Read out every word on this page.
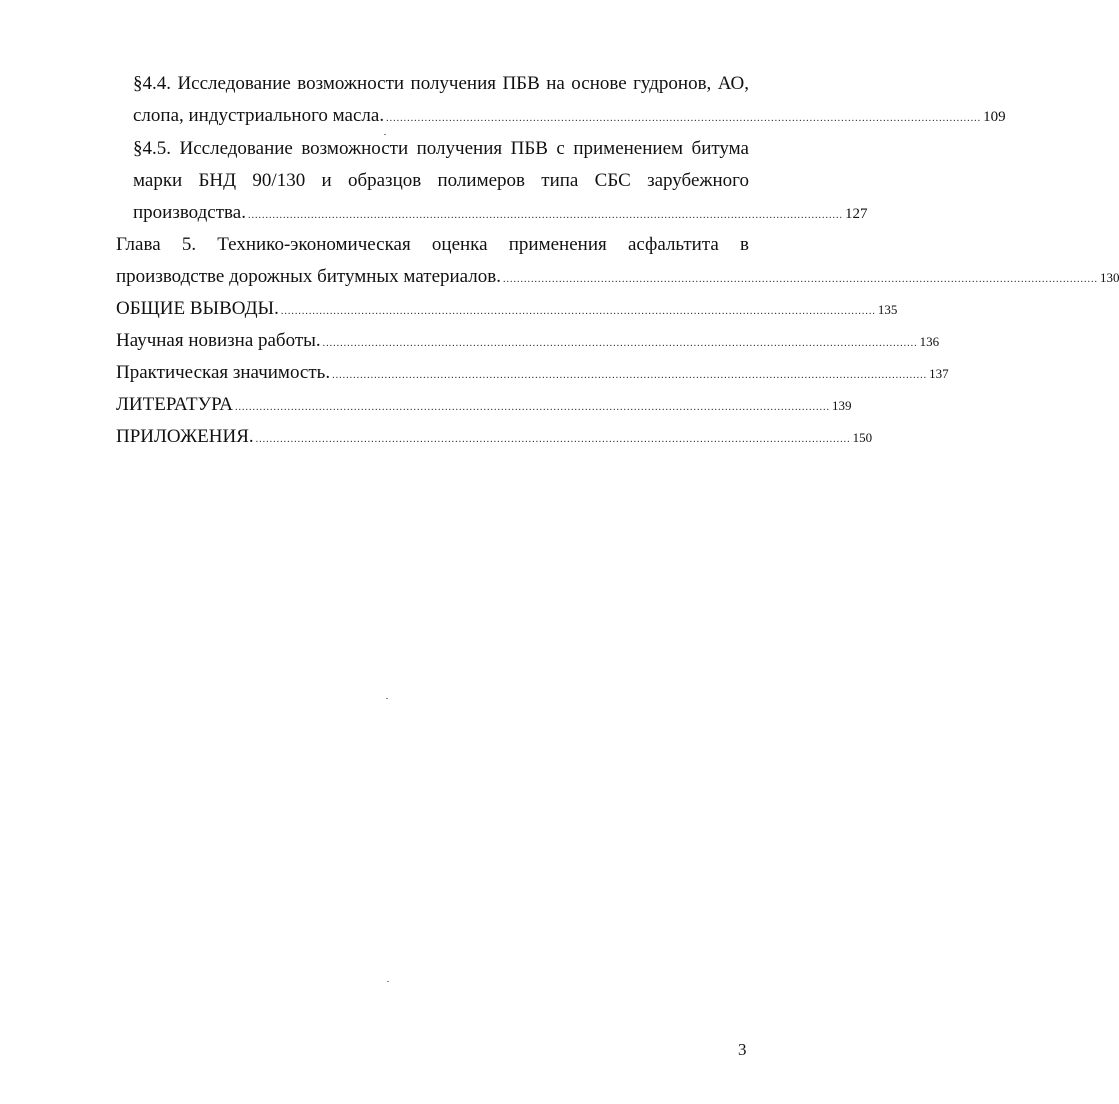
§4.4. Исследование возможности получения ПБВ на основе гудронов, АО,
слопа, индустриального масла. .......................................................................................................................................................................... 109
§4.5. Исследование возможности получения ПБВ с применением битума
марки БНД 90/130 и образцов полимеров типа СБС зарубежного
производства. .......................................................................................................................................................................... 127
Глава 5. Технико-экономическая оценка применения асфальтита в
производстве дорожных битумных материалов. .......................................................................................................................................................................... 130
ОБЩИЕ ВЫВОДЫ. .......................................................................................................................................................................... 135
Научная новизна работы. .......................................................................................................................................................................... 136
Практическая значимость. .......................................................................................................................................................................... 137
ЛИТЕРАТУРА .......................................................................................................................................................................... 139
ПРИЛОЖЕНИЯ. .......................................................................................................................................................................... 150
3
